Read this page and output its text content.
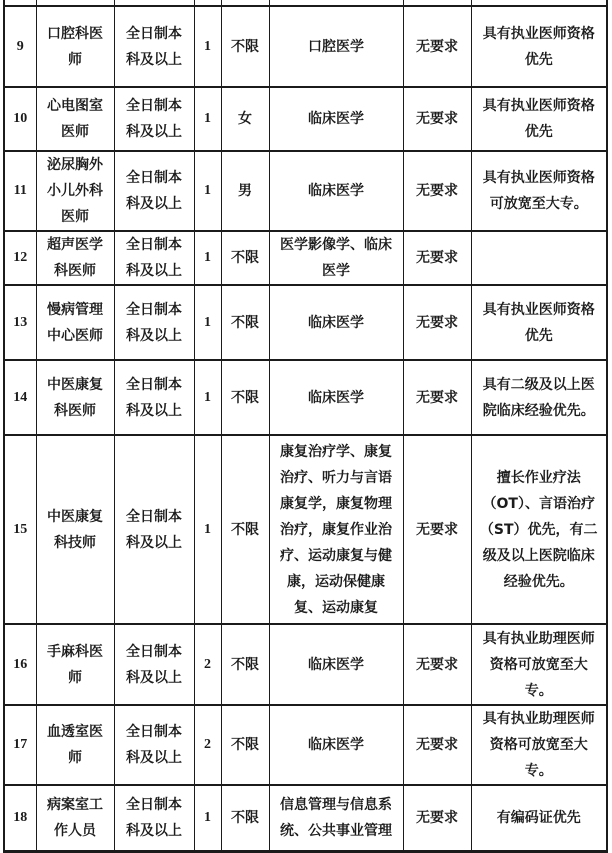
9	口腔科医师	全日制本科及以上	1	不限	口腔医学	无要求	具有执业医师资格优先
10	心电图室医师	全日制本科及以上	1	女	临床医学	无要求	具有执业医师资格优先
11	泌尿胸外小儿外科医师	全日制本科及以上	1	男	临床医学	无要求	具有执业医师资格可放宽至大专。
12	超声医学科医师	全日制本科及以上	1	不限	医学影像学、临床医学	无要求	
13	慢病管理中心医师	全日制本科及以上	1	不限	临床医学	无要求	具有执业医师资格优先
14	中医康复科医师	全日制本科及以上	1	不限	临床医学	无要求	具有二级及以上医院临床经验优先。
15	中医康复科技师	全日制本科及以上	1	不限	康复治疗学、康复治疗、听力与言语康复学，康复物理治疗，康复作业治疗、运动康复与健康，运动保健康复、运动康复	无要求	擅长作业疗法（OT）、言语治疗（ST）优先，有二级及以上医院临床经验优先。
16	手麻科医师	全日制本科及以上	2	不限	临床医学	无要求	具有执业助理医师资格可放宽至大专。
17	血透室医师	全日制本科及以上	2	不限	临床医学	无要求	具有执业助理医师资格可放宽至大专。
18	病案室工作人员	全日制本科及以上	1	不限	信息管理与信息系统、公共事业管理	无要求	有编码证优先
